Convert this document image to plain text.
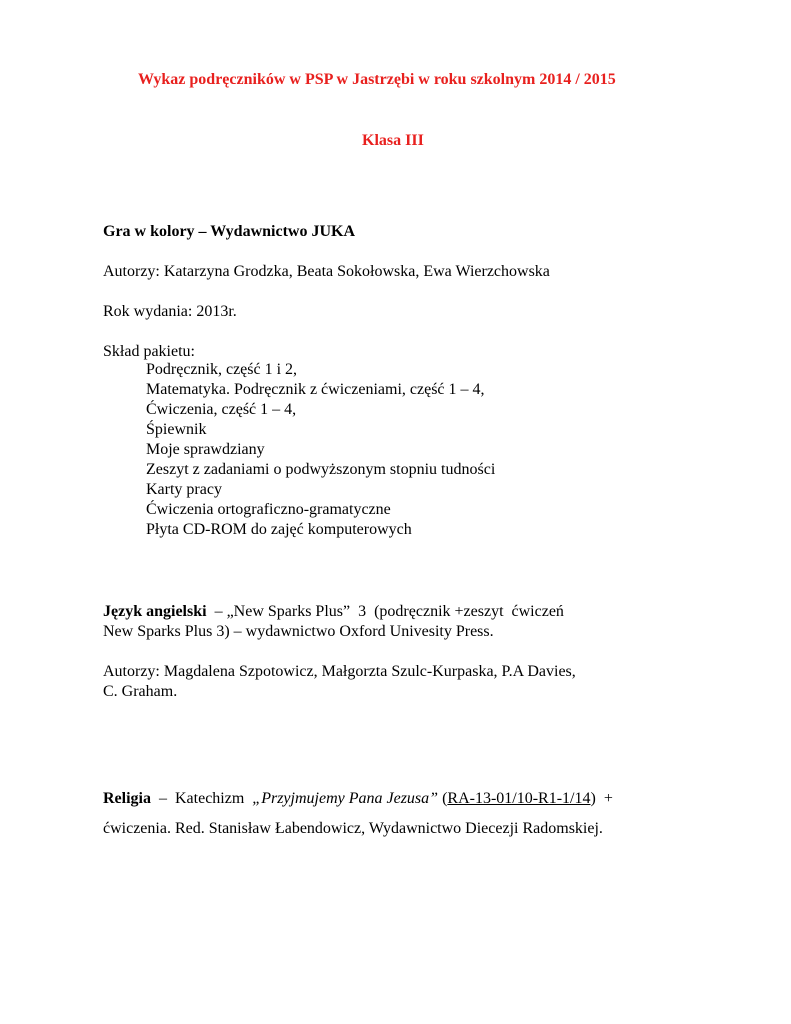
Wykaz podręczników w PSP w Jastrzębi w roku szkolnym 2014 / 2015
Klasa III
Gra w kolory – Wydawnictwo JUKA
Autorzy: Katarzyna Grodzka, Beata Sokołowska, Ewa Wierzchowska
Rok wydania: 2013r.
Skład pakietu:
Podręcznik, część 1 i 2,
Matematyka. Podręcznik z ćwiczeniami, część 1 – 4,
Ćwiczenia, część 1 – 4,
Śpiewnik
Moje sprawdziany
Zeszyt z zadaniami o podwyższonym stopniu tudności
Karty pracy
Ćwiczenia ortograficzno-gramatyczne
Płyta CD-ROM do zajęć komputerowych
Język angielski  – „New Sparks Plus”  3  (podręcznik +zeszyt  ćwiczeń
New Sparks Plus 3) – wydawnictwo Oxford Univesity Press.
Autorzy: Magdalena Szpotowicz, Małgorzta Szulc-Kurpaska, P.A Davies,
C. Graham.
Religia  –  Katechizm  „Przyjmujemy Pana Jezusa” (RA-13-01/10-R1-1/14)  +
ćwiczenia. Red. Stanisław Łabendowicz, Wydawnictwo Diecezji Radomskiej.
